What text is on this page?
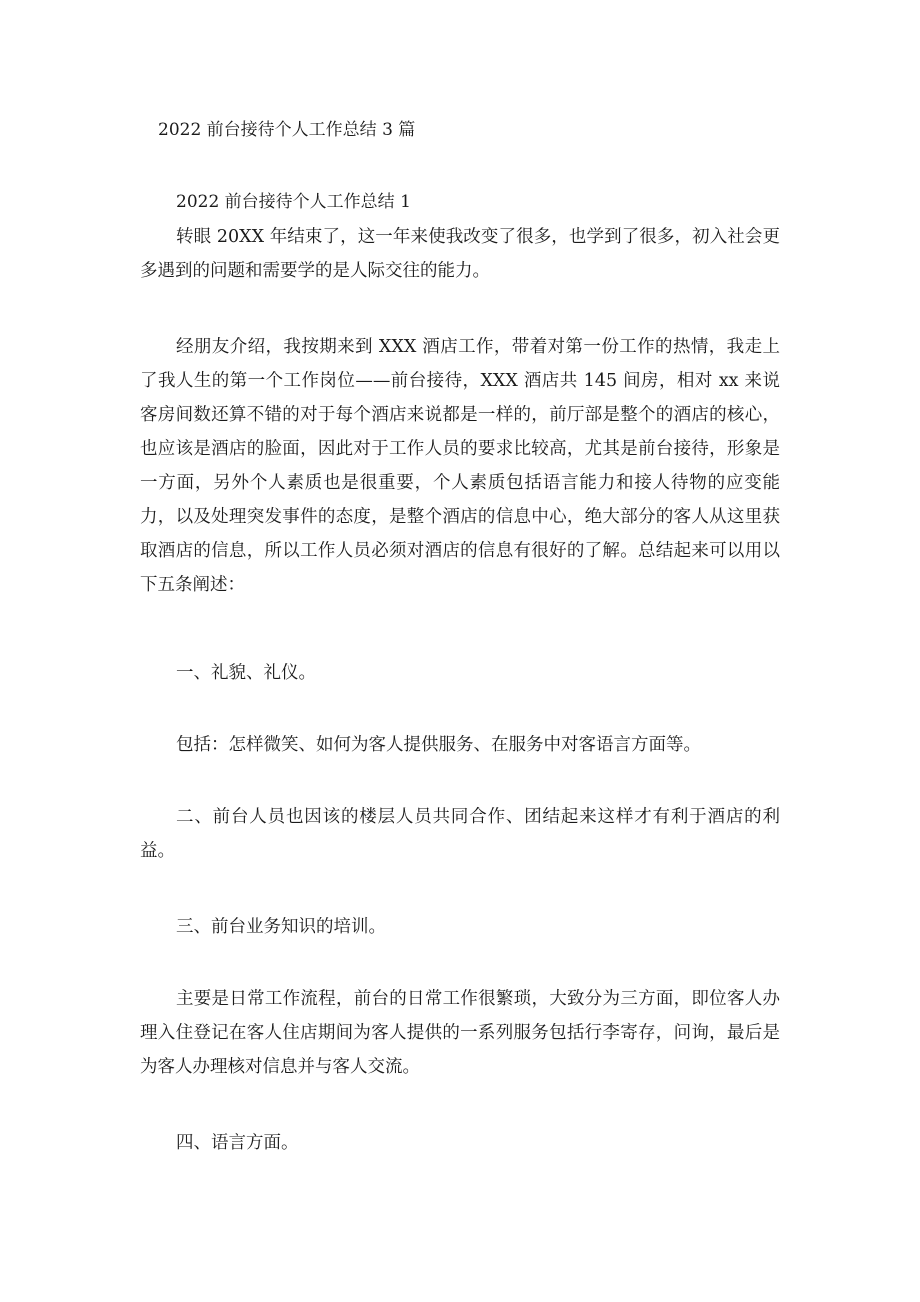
2022 前台接待个人工作总结 3 篇
2022 前台接待个人工作总结 1

转眼 20XX 年结束了，这一年来使我改变了很多，也学到了很多，初入社会更多遇到的问题和需要学的是人际交往的能力。

经朋友介绍，我按期来到 XXX 酒店工作，带着对第一份工作的热情，我走上了我人生的第一个工作岗位——前台接待，XXX 酒店共 145 间房，相对 xx 来说客房间数还算不错的对于每个酒店来说都是一样的，前厅部是整个的酒店的核心，也应该是酒店的脸面，因此对于工作人员的要求比较高，尤其是前台接待，形象是一方面，另外个人素质也是很重要，个人素质包括语言能力和接人待物的应变能力，以及处理突发事件的态度，是整个酒店的信息中心，绝大部分的客人从这里获取酒店的信息，所以工作人员必须对酒店的信息有很好的了解。总结起来可以用以下五条阐述：

一、礼貌、礼仪。

包括：怎样微笑、如何为客人提供服务、在服务中对客语言方面等。

二、前台人员也因该的楼层人员共同合作、团结起来这样才有利于酒店的利益。

三、前台业务知识的培训。

主要是日常工作流程，前台的日常工作很繁琐，大致分为三方面，即位客人办理入住登记在客人住店期间为客人提供的一系列服务包括行李寄存，问询，最后是为客人办理核对信息并与客人交流。

四、语言方面。
